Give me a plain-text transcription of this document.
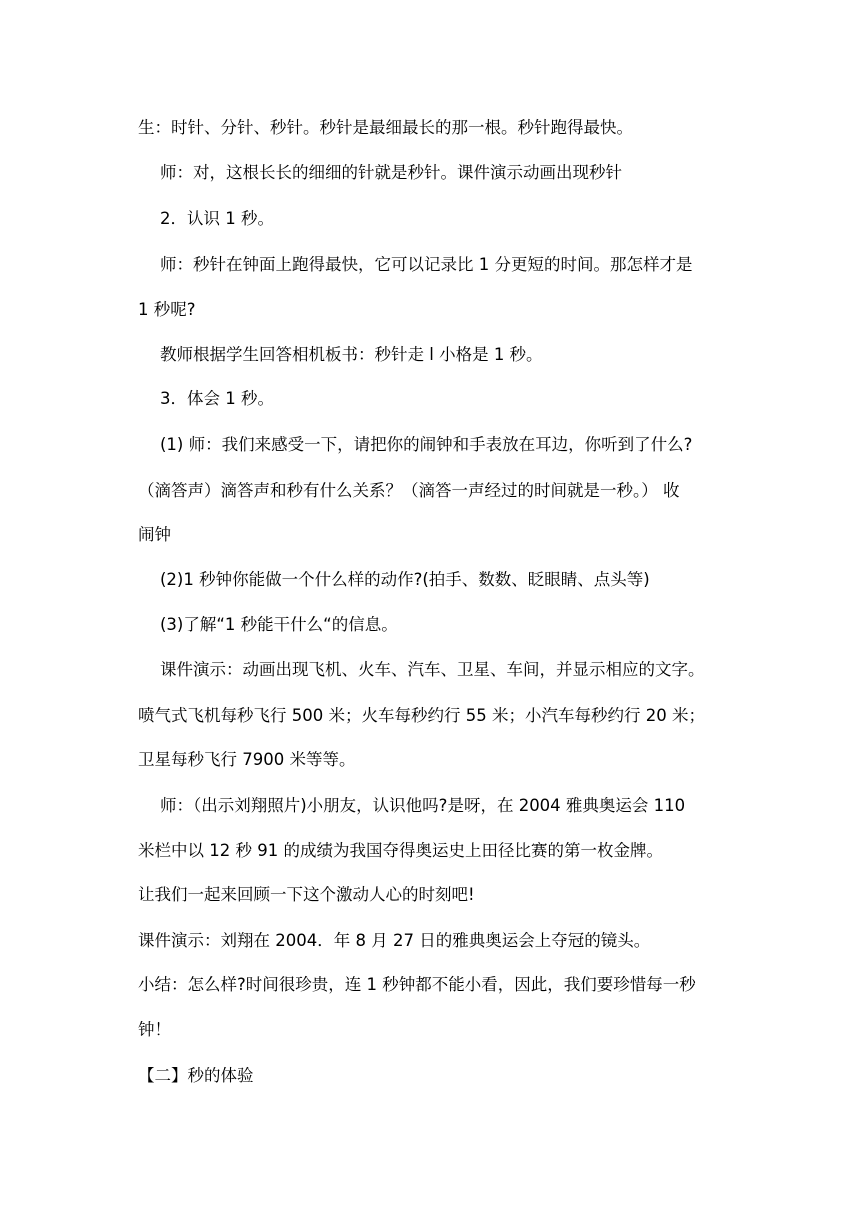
生：时针、分针、秒针。秒针是最细最长的那一根。秒针跑得最快。
师：对，这根长长的细细的针就是秒针。课件演示动画出现秒针
2．认识 1 秒。
师：秒针在钟面上跑得最快，它可以记录比 1 分更短的时间。那怎样才是
1 秒呢?
教师根据学生回答相机板书：秒针走 l 小格是 1 秒。
3．体会 1 秒。
(1) 师：我们来感受一下，请把你的闹钟和手表放在耳边，你听到了什么?
（滴答声）滴答声和秒有什么关系？（滴答一声经过的时间就是一秒。） 收
闹钟
(2)1 秒钟你能做一个什么样的动作?(拍手、数数、眨眼睛、点头等)
(3)了解“1 秒能干什么“的信息。
课件演示：动画出现飞机、火车、汽车、卫星、车间，并显示相应的文字。
喷气式飞机每秒飞行 500 米；火车每秒约行 55 米；小汽车每秒约行 20 米；
卫星每秒飞行 7900 米等等。
师：（出示刘翔照片)小朋友，认识他吗?是呀，在 2004 雅典奥运会 110
米栏中以 12 秒 91 的成绩为我国夺得奥运史上田径比赛的第一枚金牌。
让我们一起来回顾一下这个激动人心的时刻吧!
课件演示：刘翔在 2004．年 8 月 27 日的雅典奥运会上夺冠的镜头。
小结：怎么样?时间很珍贵，连 1 秒钟都不能小看，因此，我们要珍惜每一秒
钟！
【二】秒的体验
